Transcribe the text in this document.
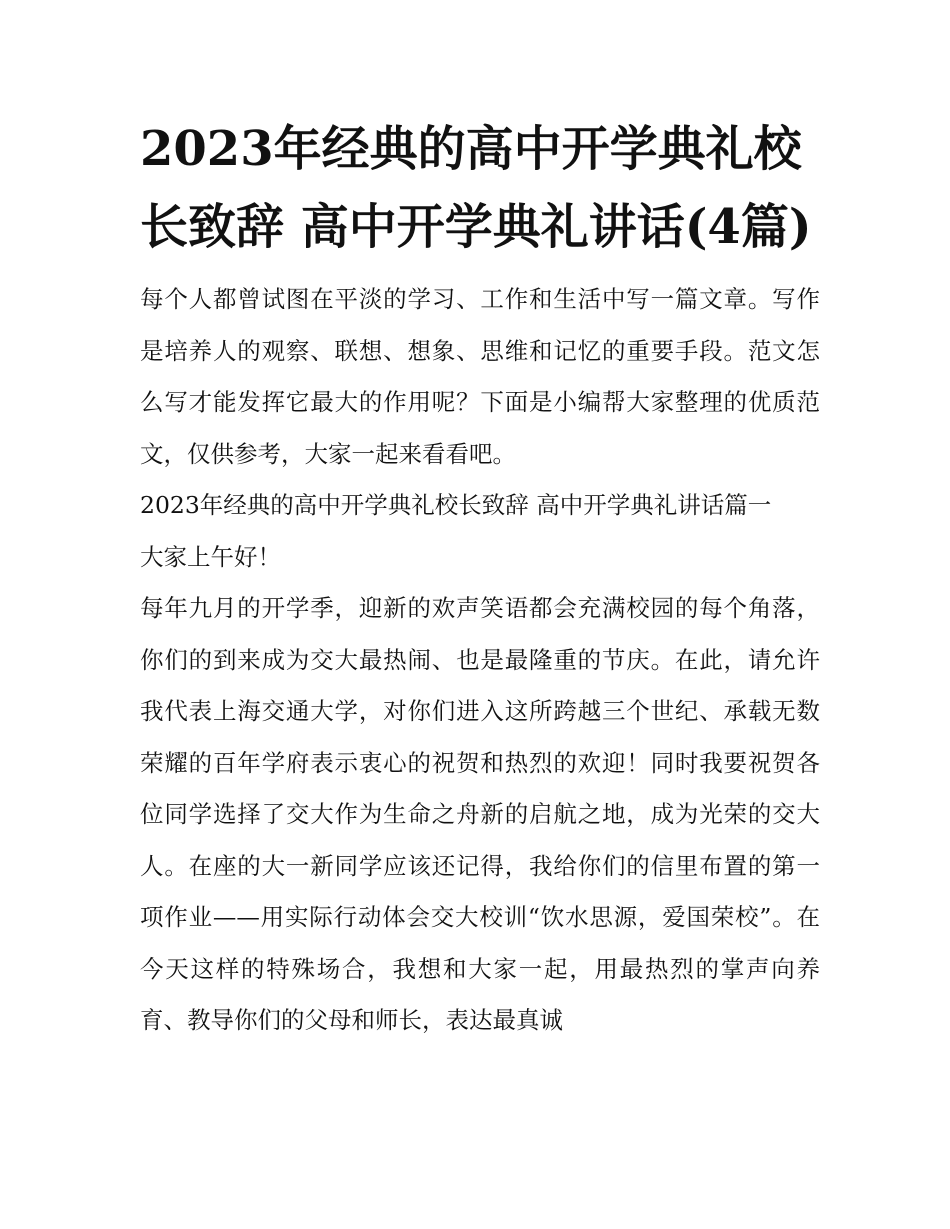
2023年经典的高中开学典礼校长致辞 高中开学典礼讲话(4篇)

每个人都曾试图在平淡的学习、工作和生活中写一篇文章。写作是培养人的观察、联想、想象、思维和记忆的重要手段。范文怎么写才能发挥它最大的作用呢？下面是小编帮大家整理的优质范文，仅供参考，大家一起来看看吧。

2023年经典的高中开学典礼校长致辞 高中开学典礼讲话篇一

大家上午好！

每年九月的开学季，迎新的欢声笑语都会充满校园的每个角落，你们的到来成为交大最热闹、也是最隆重的节庆。在此，请允许我代表上海交通大学，对你们进入这所跨越三个世纪、承载无数荣耀的百年学府表示衷心的祝贺和热烈的欢迎！同时我要祝贺各位同学选择了交大作为生命之舟新的启航之地，成为光荣的交大人。在座的大一新同学应该还记得，我给你们的信里布置的第一项作业——用实际行动体会交大校训“饮水思源，爱国荣校”。在今天这样的特殊场合，我想和大家一起，用最热烈的掌声向养育、教导你们的父母和师长，表达最真诚
